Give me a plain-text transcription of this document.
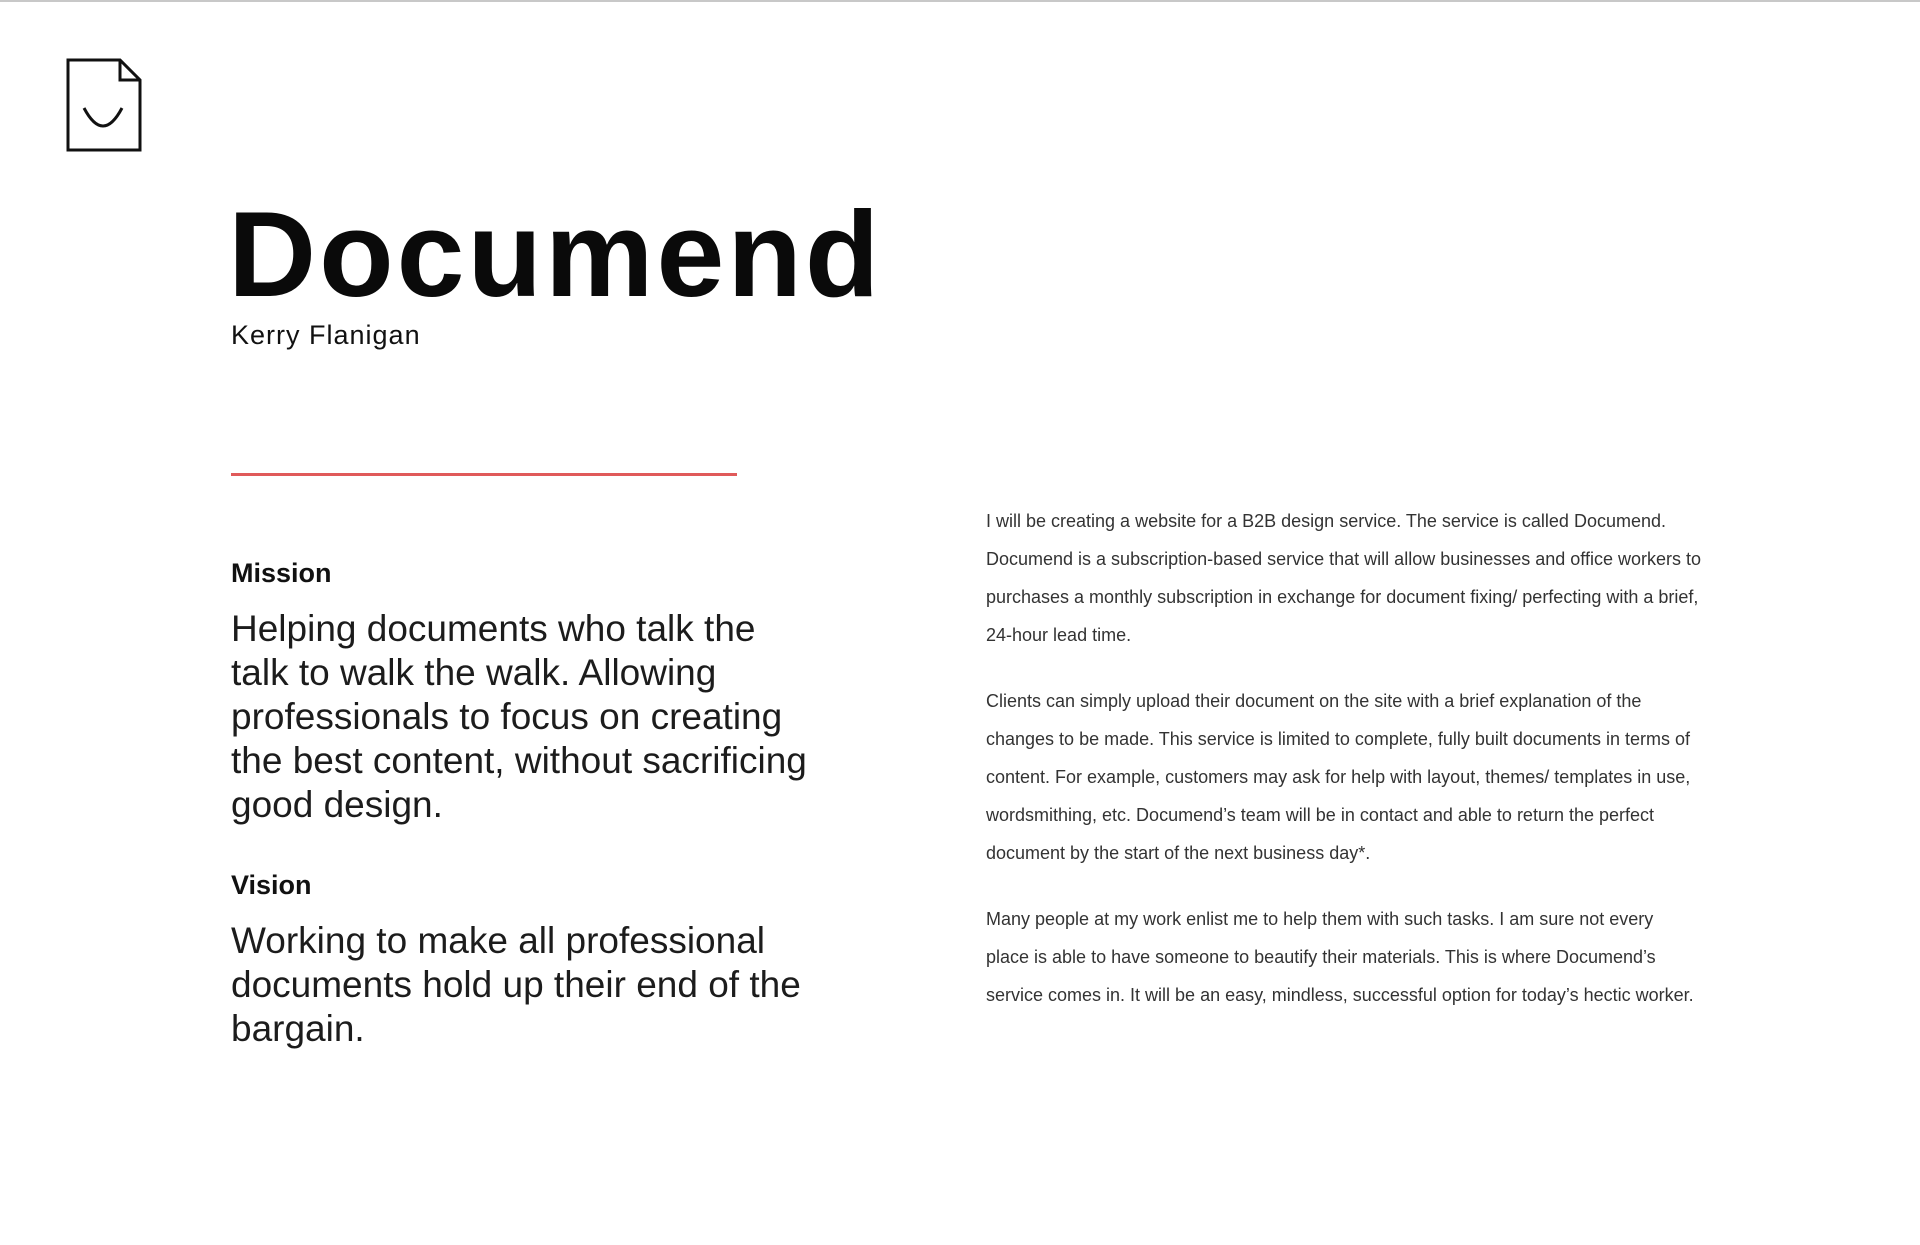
Documend

Kerry Flanigan

Mission

Helping documents who talk the talk to walk the walk. Allowing professionals to focus on creating the best content, without sacrificing good design.

Vision

Working to make all professional documents hold up their end of the bargain.

I will be creating a website for a B2B design service. The service is called Documend. Documend is a subscription-based service that will allow businesses and office workers to purchases a monthly subscription in exchange for document fixing/ perfecting with a brief, 24-hour lead time.

Clients can simply upload their document on the site with a brief explanation of the changes to be made. This service is limited to complete, fully built documents in terms of content. For example, customers may ask for help with layout, themes/ templates in use, wordsmithing, etc. Documend’s team will be in contact and able to return the perfect document by the start of the next business day*.

Many people at my work enlist me to help them with such tasks. I am sure not every place is able to have someone to beautify their materials. This is where Documend’s service comes in. It will be an easy, mindless, successful option for today’s hectic worker.
